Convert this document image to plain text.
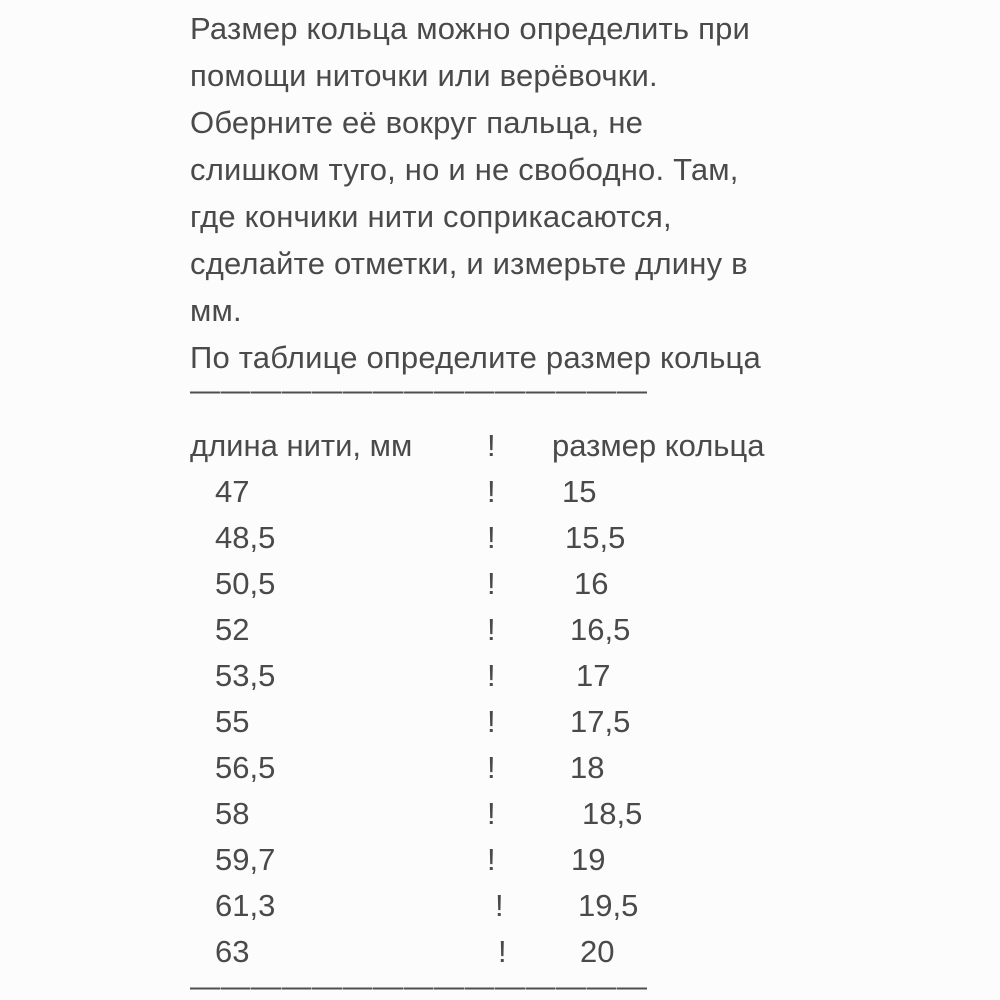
Размер кольца можно определить при
помощи ниточки или верёвочки.
Оберните её вокруг пальца, не
слишком туго, но и не свободно. Там,
где кончики нити соприкасаются,
сделайте отметки, и измерьте длину в
мм.
По таблице определите размер кольца
———————————————
длина нити, мм	!	размер кольца
47	!	15
48,5	!	15,5
50,5	!	16
52	!	16,5
53,5	!	17
55	!	17,5
56,5	!	18
58	!	18,5
59,7	!	19
61,3	!	19,5
63	!	20
———————————————
